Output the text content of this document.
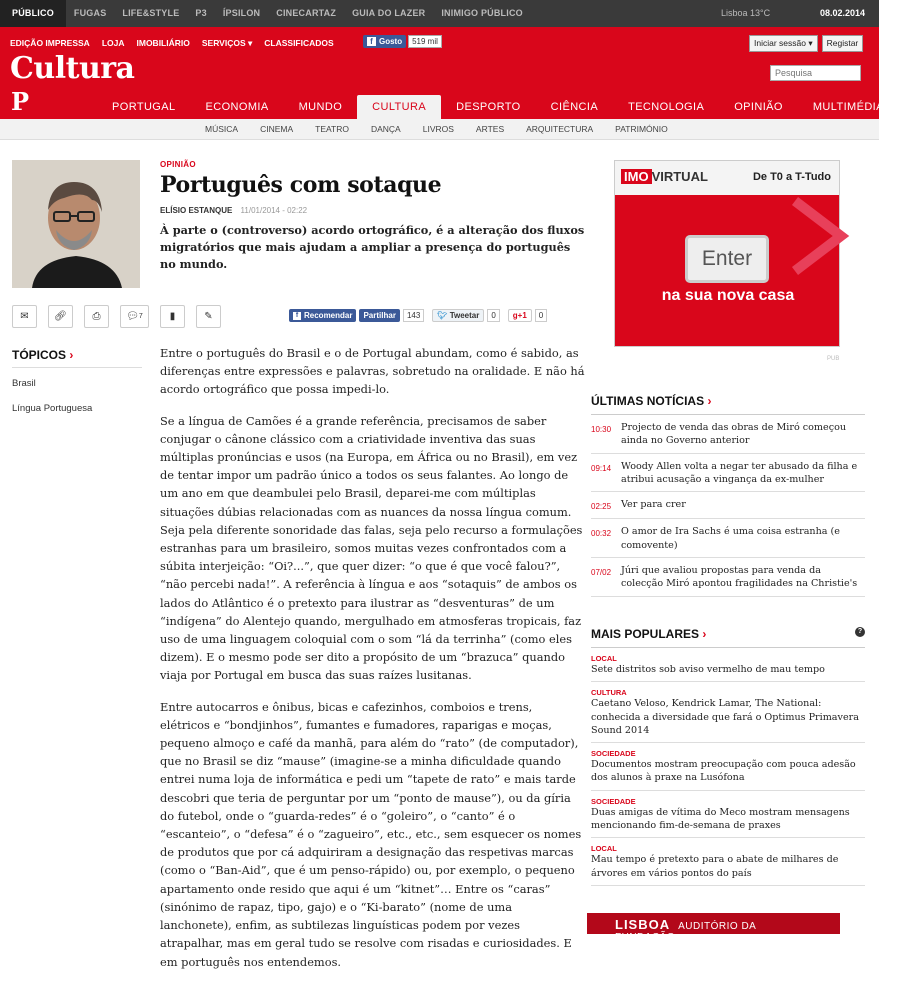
PÚBLICO	FUGAS	LIFE&STYLE	P3	ÍPSILON	CINECARTAZ	GUIA DO LAZER	INIMIGO PÚBLICO	Lisboa 13°C	08.02.2014
EDIÇÃO IMPRESSA LOJA IMOBILIÁRIO SERVIÇOS ▾ CLASSIFICADOS	f Gosto	519 mil	Iniciar sessão ▾	Registar
Cultura
P
Pesquisa	PORTUGAL	ECONOMIA	MUNDO	CULTURA	DESPORTO	CIÊNCIA	TECNOLOGIA	OPINIÃO	MULTIMÉDIA
MÚSICA	CINEMA	TEATRO	DANÇA	LIVROS	ARTES	ARQUITECTURA	PATRIMÓNIO
OPINIÃO
Português com sotaque
ELÍSIO ESTANQUE 11/01/2014 - 02:22
À parte o (controverso) acordo ortográfico, é a alteração dos fluxos migratórios que mais ajudam a ampliar a presença do português no mundo.
✉	🔗︎	⎙	💬︎ 7	▮	✎	f Recomendar	Partilhar	143	🐦︎ Tweetar	0	g+1	0
TÓPICOS ›
Brasil
Língua Portuguesa

Entre o português do Brasil e o de Portugal abundam, como é sabido, as diferenças entre expressões e palavras, sobretudo na oralidade. E não há acordo ortográfico que possa impedi-lo.

Se a língua de Camões é a grande referência, precisamos de saber conjugar o cânone clássico com a criatividade inventiva das suas múltiplas pronúncias e usos (na Europa, em África ou no Brasil), em vez de tentar impor um padrão único a todos os seus falantes. Ao longo de um ano em que deambulei pelo Brasil, deparei-me com múltiplas situações dúbias relacionadas com as nuances da nossa língua comum. Seja pela diferente sonoridade das falas, seja pelo recurso a formulações estranhas para um brasileiro, somos muitas vezes confrontados com a súbita interjeição: “Oi?...”, que quer dizer: “o que é que você falou?”, “não percebi nada!”. A referência à língua e aos “sotaquis” de ambos os lados do Atlântico é o pretexto para ilustrar as “desventuras” de um “indígena” do Alentejo quando, mergulhado em atmosferas tropicais, faz uso de uma linguagem coloquial com o som “lá da terrinha” (como eles dizem). E o mesmo pode ser dito a propósito de um “brazuca” quando viaja por Portugal em busca das suas raízes lusitanas.

Entre autocarros e ônibus, bicas e cafezinhos, comboios e trens, elétricos e “bondjinhos”, fumantes e fumadores, raparigas e moças, pequeno almoço e café da manhã, para além do “rato” (de computador), que no Brasil se diz “mause” (imagine-se a minha dificuldade quando entrei numa loja de informática e pedi um “tapete de rato” e mais tarde descobri que teria de perguntar por um “ponto de mause”), ou da gíria do futebol, onde o “guarda-redes” é o “goleiro”, o “canto” é o “escanteio”, o “defesa” é o “zagueiro”, etc., etc., sem esquecer os nomes de produtos que por cá adquiriram a designação das respetivas marcas (como o “Ban-Aid”, que é um penso-rápido) ou, por exemplo, o pequeno apartamento onde resido que aqui é um “kitnet”… Entre os “caras” (sinónimo de rapaz, tipo, gajo) e o “Ki-barato” (nome de uma lanchonete), enfim, as subtilezas linguísticas podem por vezes atrapalhar, mas em geral tudo se resolve com risadas e curiosidades. E em português nos entendemos.

IMO VIRTUAL	De T0 a T-Tudo
Enter
na sua nova casa
PUB
ÚLTIMAS NOTÍCIAS ›
10:30	Projecto de venda das obras de Miró começou ainda no Governo anterior
09:14	Woody Allen volta a negar ter abusado da filha e atribui acusação a vingança da ex-mulher
02:25	Ver para crer
00:32	O amor de Ira Sachs é uma coisa estranha (e comovente)
07/02	Júri que avaliou propostas para venda da colecção Miró apontou fragilidades na Christie's
MAIS POPULARES ›	?
LOCAL
Sete distritos sob aviso vermelho de mau tempo
CULTURA
Caetano Veloso, Kendrick Lamar, The National: conhecida a diversidade que fará o Optimus Primavera Sound 2014
SOCIEDADE
Documentos mostram preocupação com pouca adesão dos alunos à praxe na Lusófona
SOCIEDADE
Duas amigas de vítima do Meco mostram mensagens mencionando fim-de-semana de praxes
LOCAL
Mau tempo é pretexto para o abate de milhares de árvores em vários pontos do país
LISBOA AUDITÓRIO DA FUNDAÇÃO
